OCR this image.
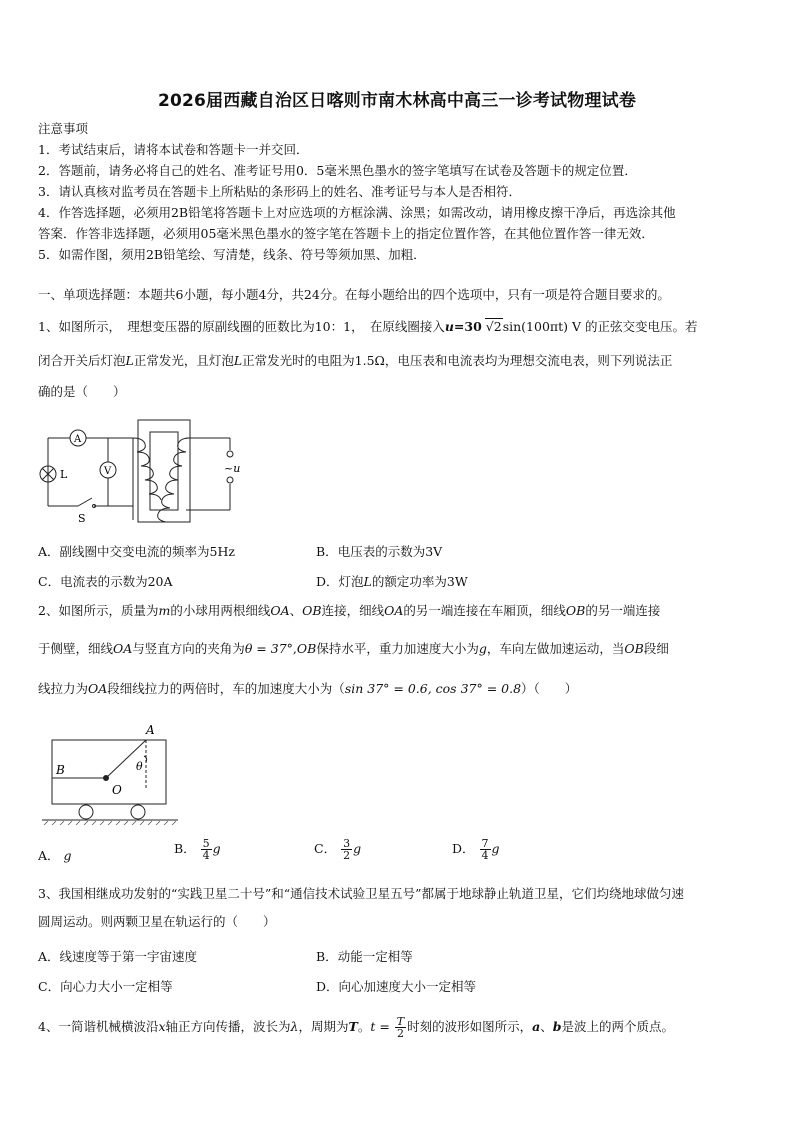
2026届西藏自治区日喀则市南木林高中高三一诊考试物理试卷
注意事项
1．考试结束后，请将本试卷和答题卡一并交回．
2．答题前，请务必将自己的姓名、准考证号用0．5毫米黑色墨水的签字笔填写在试卷及答题卡的规定位置．
3．请认真核对监考员在答题卡上所粘贴的条形码上的姓名、准考证号与本人是否相符．
4．作答选择题，必须用2B铅笔将答题卡上对应选项的方框涂满、涂黑；如需改动，请用橡皮擦干净后，再选涂其他
答案．作答非选择题，必须用05毫米黑色墨水的签字笔在答题卡上的指定位置作答，在其他位置作答一律无效．
5．如需作图，须用2B铅笔绘、写清楚，线条、符号等须加黑、加粗．
一、单项选择题：本题共6小题，每小题4分，共24分。在每小题给出的四个选项中，只有一项是符合题目要求的。
1、如图所示，　理想变压器的原副线圈的匝数比为10：1，　在原线圈接入u=30 √2sin(100πt) V 的正弦交变电压。若
闭合开关后灯泡L正常发光，且灯泡L正常发光时的电阻为1.5Ω，电压表和电流表均为理想交流电表，则下列说法正
确的是（　　）
A
V
L
S
~u
A．副线圈中交变电流的频率为5Hz	B．电压表的示数为3V
C．电流表的示数为20A	D．灯泡L的额定功率为3W
2、如图所示，质量为m的小球用两根细线OA、OB连接，细线OA的另一端连接在车厢顶，细线OB的另一端连接
于侧壁，细线OA与竖直方向的夹角为θ = 37°,OB保持水平，重力加速度大小为g，车向左做加速运动，当OB段细
线拉力为OA段细线拉力的两倍时，车的加速度大小为（sin 37° = 0.6, cos 37° = 0.8）（　　）
A
B
O
θ
A． g	B． $\frac{5}{4}$ g	C． $\frac{3}{2}$ g	D． $\frac{7}{4}$ g
3、我国相继成功发射的“实践卫星二十号”和“通信技术试验卫星五号”都属于地球静止轨道卫星，它们均绕地球做匀速
圆周运动。则两颗卫星在轨运行的（　　）
A．线速度等于第一宇宙速度	B．动能一定相等
C．向心力大小一定相等	D．向心加速度大小一定相等
4、一简谐机械横波沿x轴正方向传播，波长为λ，周期为T。$t = \frac{T}{2}$ 时刻的波形如图所示，a、b是波上的两个质点。
